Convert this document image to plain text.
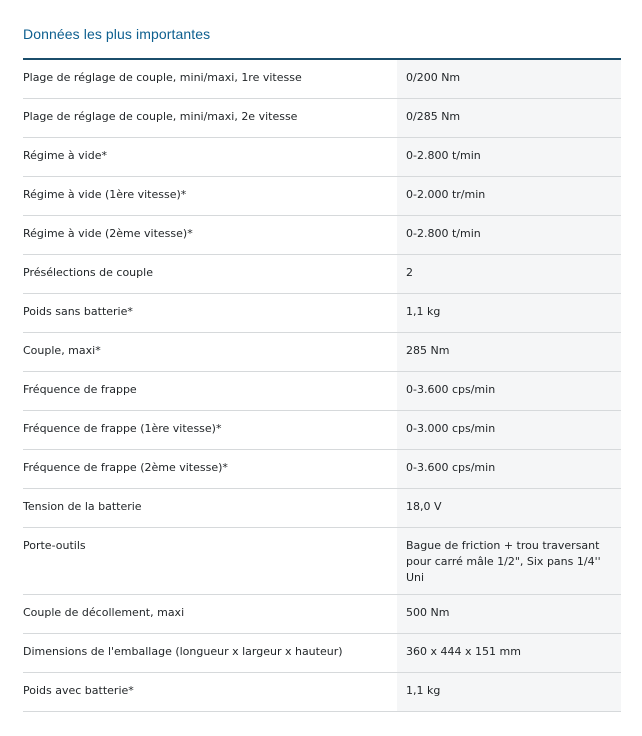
Données les plus importantes
Plage de réglage de couple, mini/maxi, 1re vitesse	0/200 Nm
Plage de réglage de couple, mini/maxi, 2e vitesse	0/285 Nm
Régime à vide*	0-2.800 t/min
Régime à vide (1ère vitesse)*	0-2.000 tr/min
Régime à vide (2ème vitesse)*	0-2.800 t/min
Présélections de couple	2
Poids sans batterie*	1,1 kg
Couple, maxi*	285 Nm
Fréquence de frappe	0-3.600 cps/min
Fréquence de frappe (1ère vitesse)*	0-3.000 cps/min
Fréquence de frappe (2ème vitesse)*	0-3.600 cps/min
Tension de la batterie	18,0 V
Porte-outils	Bague de friction + trou traversant pour carré mâle 1/2", Six pans 1/4'' Uni
Couple de décollement, maxi	500 Nm
Dimensions de l'emballage (longueur x largeur x hauteur)	360 x 444 x 151 mm
Poids avec batterie*	1,1 kg
